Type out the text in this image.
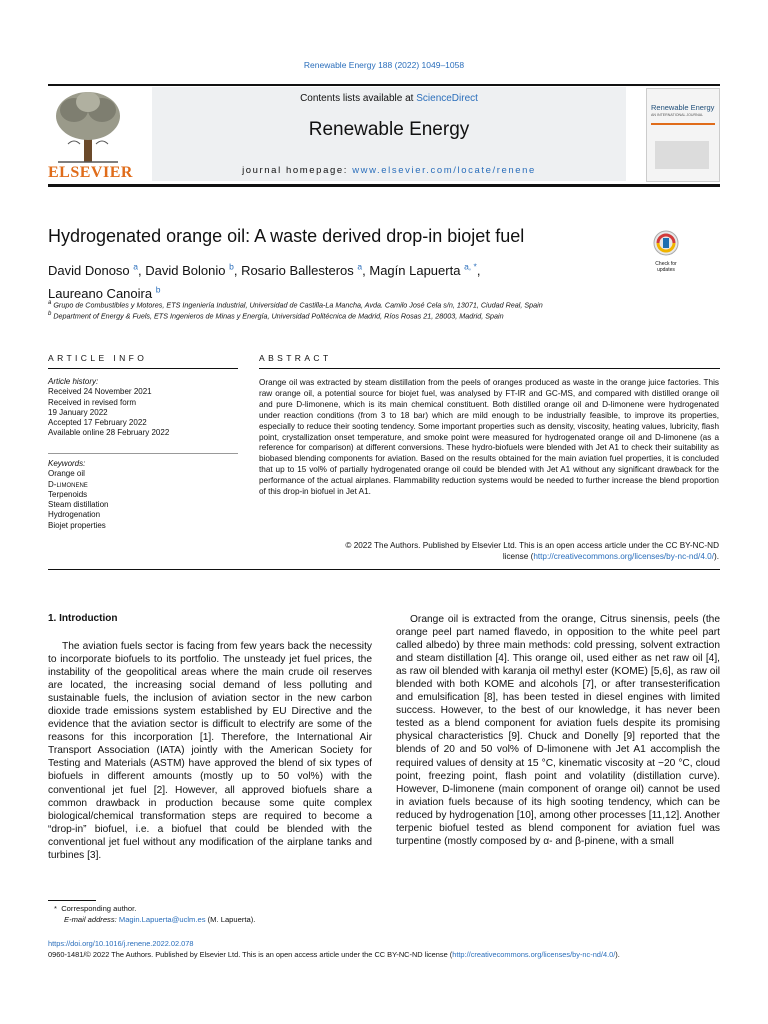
Renewable Energy 188 (2022) 1049–1058
ELSEVIER
Contents lists available at ScienceDirect
Renewable Energy
journal homepage: www.elsevier.com/locate/renene
Renewable Energy
AN INTERNATIONAL JOURNAL
Hydrogenated orange oil: A waste derived drop-in biojet fuel
Check for updates
David Donoso $^a$, David Bolonio $^b$, Rosario Ballesteros $^a$, Magín Lapuerta $^{a, *}$,
Laureano Canoira $^b$
$^a$ Grupo de Combustibles y Motores, ETS Ingeniería Industrial, Universidad de Castilla-La Mancha, Avda. Camilo José Cela s/n, 13071, Ciudad Real, Spain
$^b$ Department of Energy & Fuels, ETS Ingenieros de Minas y Energía, Universidad Politécnica de Madrid, Ríos Rosas 21, 28003, Madrid, Spain
ARTICLE INFO
Article history:
Received 24 November 2021
Received in revised form
19 January 2022
Accepted 17 February 2022
Available online 28 February 2022
Keywords:
Orange oil
D-limonene
Terpenoids
Steam distillation
Hydrogenation
Biojet properties
ABSTRACT
Orange oil was extracted by steam distillation from the peels of oranges produced as waste in the orange juice factories. This raw orange oil, a potential source for biojet fuel, was analysed by FT-IR and GC-MS, and compared with distilled orange oil and pure D-limonene, which is its main chemical constituent. Both distilled orange oil and D-limonene were hydrogenated under reaction conditions (from 3 to 18 bar) which are mild enough to be industrially feasible, to improve its properties, especially to reduce their sooting tendency. Some important properties such as density, viscosity, heating values, lubricity, flash point, crystallization onset temperature, and smoke point were measured for hydrogenated orange oil and D-limonene (as a reference for comparison) at different conversions. These hydro-biofuels were blended with Jet A1 to check their suitability as biobased blending components for aviation. Based on the results obtained for the main aviation fuel properties, it is concluded that up to 15 vol% of partially hydrogenated orange oil could be blended with Jet A1 without any significant drawback for the performance of the actual airplanes. Flammability reduction systems would be needed to further increase the blend proportion of this drop-in biofuel in Jet A1.
© 2022 The Authors. Published by Elsevier Ltd. This is an open access article under the CC BY-NC-ND
license (http://creativecommons.org/licenses/by-nc-nd/4.0/).
1. Introduction

The aviation fuels sector is facing from few years back the necessity to incorporate biofuels to its portfolio. The unsteady jet fuel prices, the instability of the geopolitical areas where the main crude oil reserves are located, the increasing social demand of less polluting and sustainable fuels, the inclusion of aviation sector in the new carbon dioxide trade emissions system established by EU Directive and the evidence that the aviation sector is difficult to electrify are some of the reasons for this incorporation [1]. Therefore, the International Air Transport Association (IATA) jointly with the American Society for Testing and Materials (ASTM) have approved the blend of six types of biofuels in different amounts (mostly up to 50 vol%) with the conventional jet fuel [2]. However, all approved biofuels share a common drawback in production because some quite complex biological/chemical transformation steps are required to become a “drop-in” biofuel, i.e. a biofuel that could be blended with the conventional jet fuel without any modification of the airplane tanks and turbines [3].

Orange oil is extracted from the orange, Citrus sinensis, peels (the orange peel part named flavedo, in opposition to the white peel part called albedo) by three main methods: cold pressing, solvent extraction and steam distillation [4]. This orange oil, used either as net raw oil [4], as raw oil blended with karanja oil methyl ester (KOME) [5,6], as raw oil blended with both KOME and alcohols [7], or after transesterification and emulsification [8], has been tested in diesel engines with limited success. However, to the best of our knowledge, it has never been tested as a blend component for aviation fuels despite its promising physical characteristics [9]. Chuck and Donelly [9] reported that the blends of 20 and 50 vol% of D-limonene with Jet A1 accomplish the required values of density at 15 °C, kinematic viscosity at −20 °C, cloud point, freezing point, flash point and volatility (distillation curve). However, D-limonene (main component of orange oil) cannot be used in aviation fuels because of its high sooting tendency, which can be reduced by hydrogenation [10], among other processes [11,12]. Another terpenic biofuel tested as blend component for aviation fuel was turpentine (mostly composed by α- and β-pinene, with a small

* Corresponding author.
E-mail address: Magin.Lapuerta@uclm.es (M. Lapuerta).
https://doi.org/10.1016/j.renene.2022.02.078
0960-1481/© 2022 The Authors. Published by Elsevier Ltd. This is an open access article under the CC BY-NC-ND license (http://creativecommons.org/licenses/by-nc-nd/4.0/).
